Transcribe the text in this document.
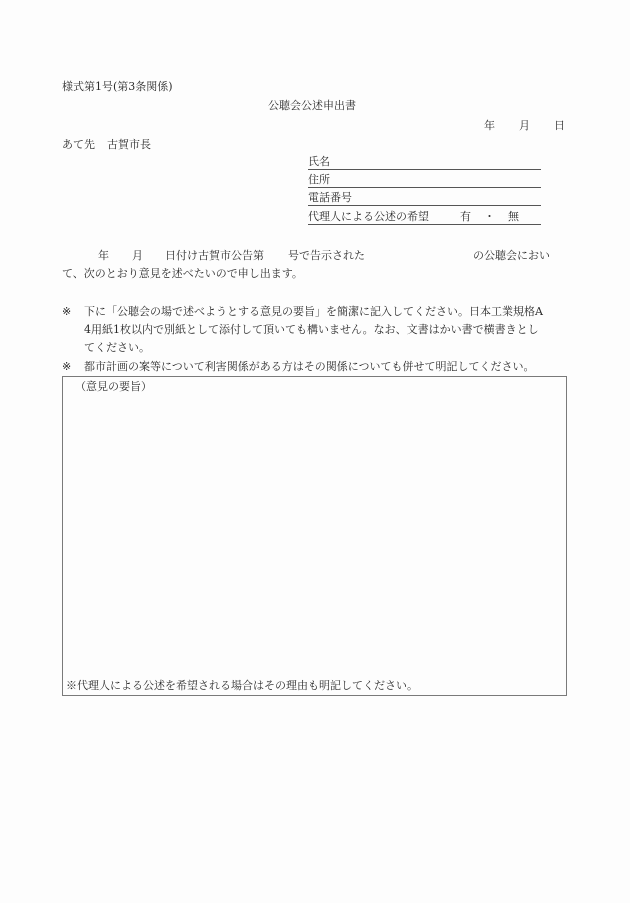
様式第1号(第3条関係)
公聴会公述申出書
年 月 日
あて先 古賀市長
氏名
住所
電話番号
代理人による公述の希望	有 ・ 無
年 月 日付け古賀市公告第 号で告示された	の公聴会におい
て、次のとおり意見を述べたいので申し出ます。
※ 下に「公聴会の場で述べようとする意見の要旨」を簡潔に記入してください。日本工業規格A
4用紙1枚以内で別紙として添付して頂いても構いません。なお、文書はかい書で横書きとし
てください。
※ 都市計画の案等について利害関係がある方はその関係についても併せて明記してください。
（意見の要旨）
※代理人による公述を希望される場合はその理由も明記してください。
